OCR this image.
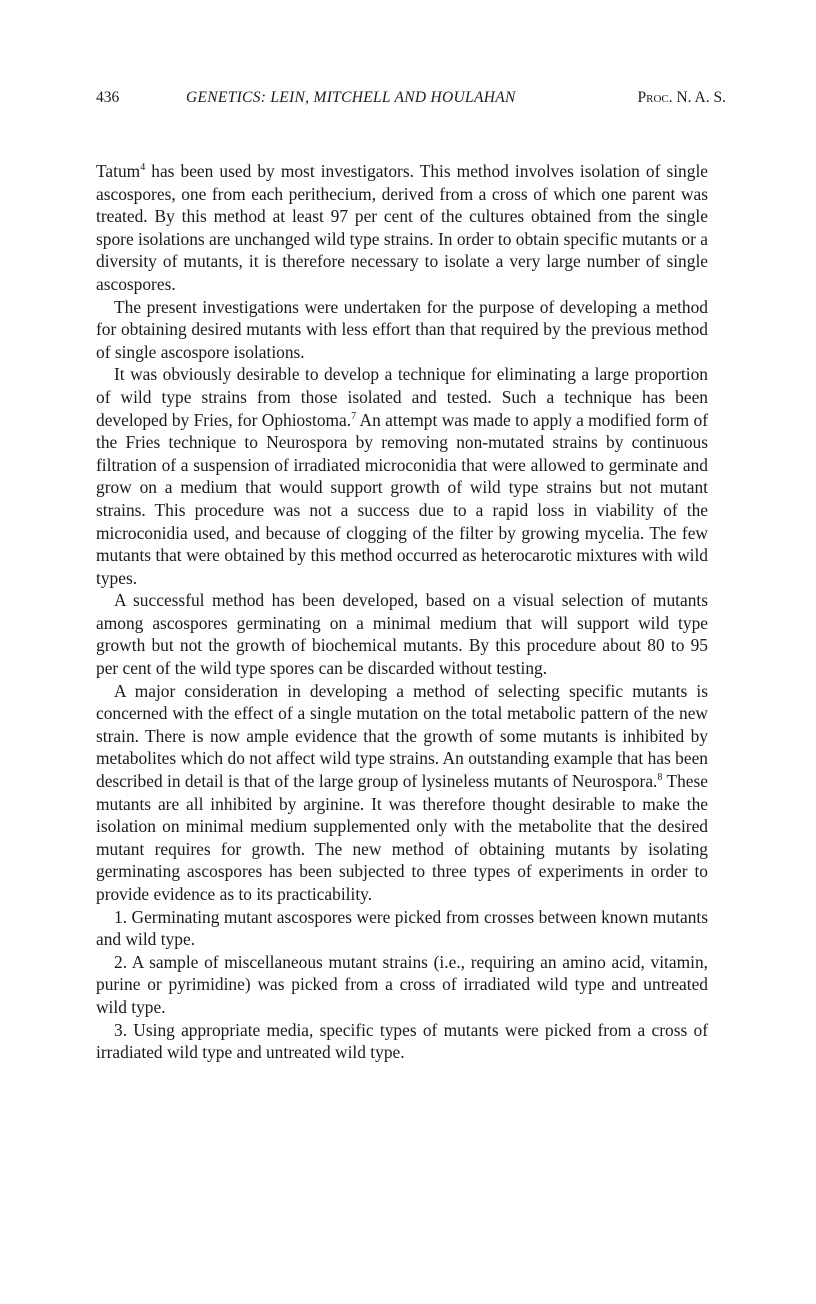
436	GENETICS: LEIN, MITCHELL AND HOULAHAN	Proc. N. A. S.

Tatum$^4$ has been used by most investigators. This method involves isolation of single ascospores, one from each perithecium, derived from a cross of which one parent was treated. By this method at least 97 per cent of the cultures obtained from the single spore isolations are unchanged wild type strains. In order to obtain specific mutants or a diversity of mutants, it is therefore necessary to isolate a very large number of single ascospores.

The present investigations were undertaken for the purpose of developing a method for obtaining desired mutants with less effort than that required by the previous method of single ascospore isolations.

It was obviously desirable to develop a technique for eliminating a large proportion of wild type strains from those isolated and tested. Such a technique has been developed by Fries, for Ophiostoma.$^7$ An attempt was made to apply a modified form of the Fries technique to Neurospora by removing non-mutated strains by continuous filtration of a suspension of irradiated microconidia that were allowed to germinate and grow on a medium that would support growth of wild type strains but not mutant strains. This procedure was not a success due to a rapid loss in viability of the microconidia used, and because of clogging of the filter by growing mycelia. The few mutants that were obtained by this method occurred as heterocarotic mixtures with wild types.

A successful method has been developed, based on a visual selection of mutants among ascospores germinating on a minimal medium that will support wild type growth but not the growth of biochemical mutants. By this procedure about 80 to 95 per cent of the wild type spores can be discarded without testing.

A major consideration in developing a method of selecting specific mutants is concerned with the effect of a single mutation on the total metabolic pattern of the new strain. There is now ample evidence that the growth of some mutants is inhibited by metabolites which do not affect wild type strains. An outstanding example that has been described in detail is that of the large group of lysineless mutants of Neurospora.$^8$ These mutants are all inhibited by arginine. It was therefore thought desirable to make the isolation on minimal medium supplemented only with the metabolite that the desired mutant requires for growth. The new method of obtaining mutants by isolating germinating ascospores has been subjected to three types of experiments in order to provide evidence as to its practicability.

1. Germinating mutant ascospores were picked from crosses between known mutants and wild type.

2. A sample of miscellaneous mutant strains (i.e., requiring an amino acid, vitamin, purine or pyrimidine) was picked from a cross of irradiated wild type and untreated wild type.

3. Using appropriate media, specific types of mutants were picked from a cross of irradiated wild type and untreated wild type.
